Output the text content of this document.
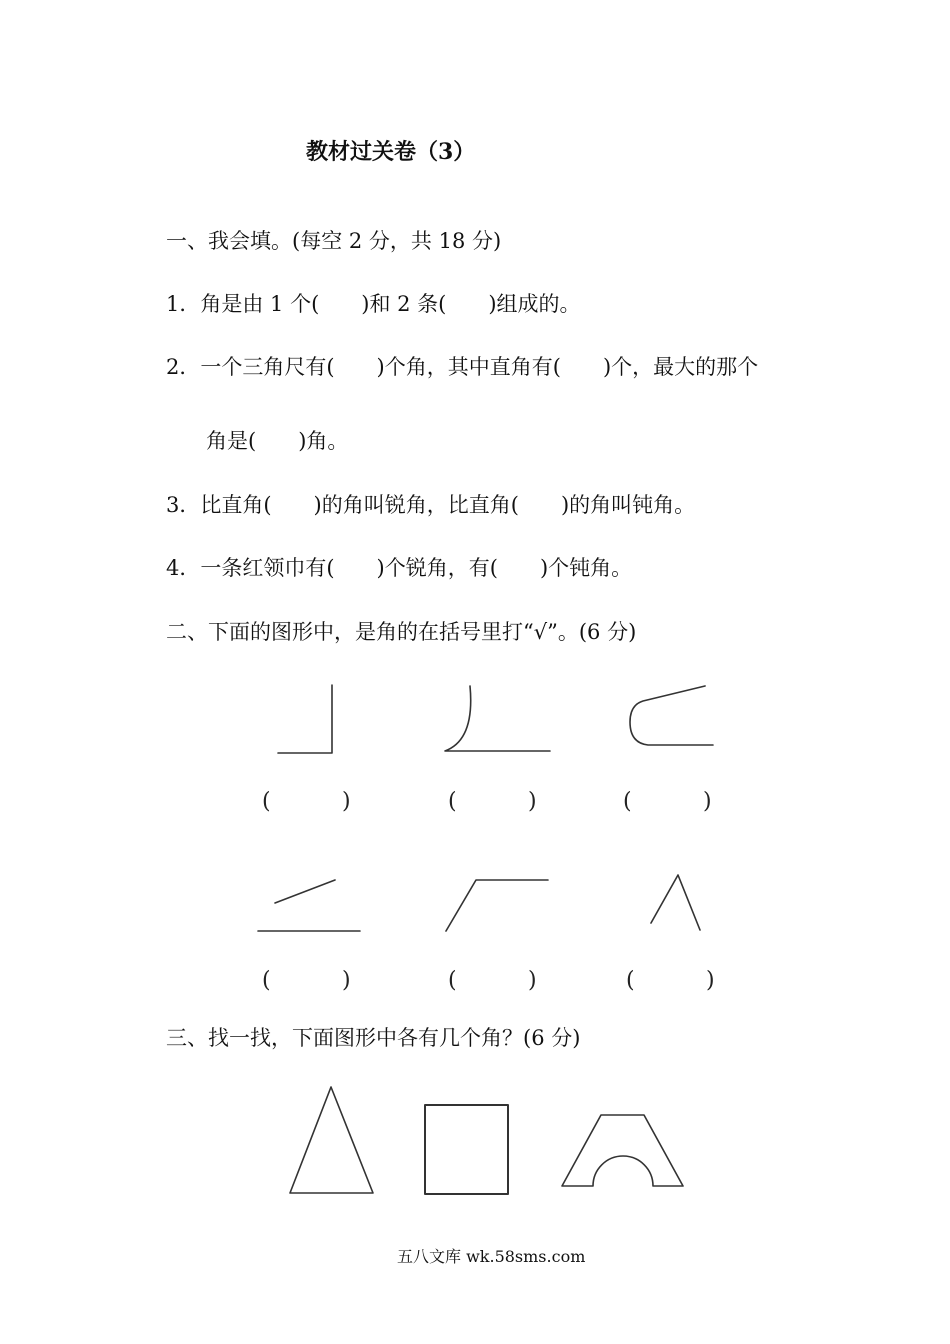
教材过关卷（3）
一、我会填。(每空 2 分，共 18 分)
1．角是由 1 个(　　)和 2 条(　　)组成的。
2．一个三角尺有(　　)个角，其中直角有(　　)个，最大的那个
角是(　　)角。
3．比直角(　　)的角叫锐角，比直角(　　)的角叫钝角。
4．一条红领巾有(　　)个锐角，有(　　)个钝角。
二、下面的图形中，是角的在括号里打“√”。(6 分)
(	)	(	)	(	)
(	)	(	)	(	)
三、找一找，下面图形中各有几个角？(6 分)
五八文库 wk.58sms.com
